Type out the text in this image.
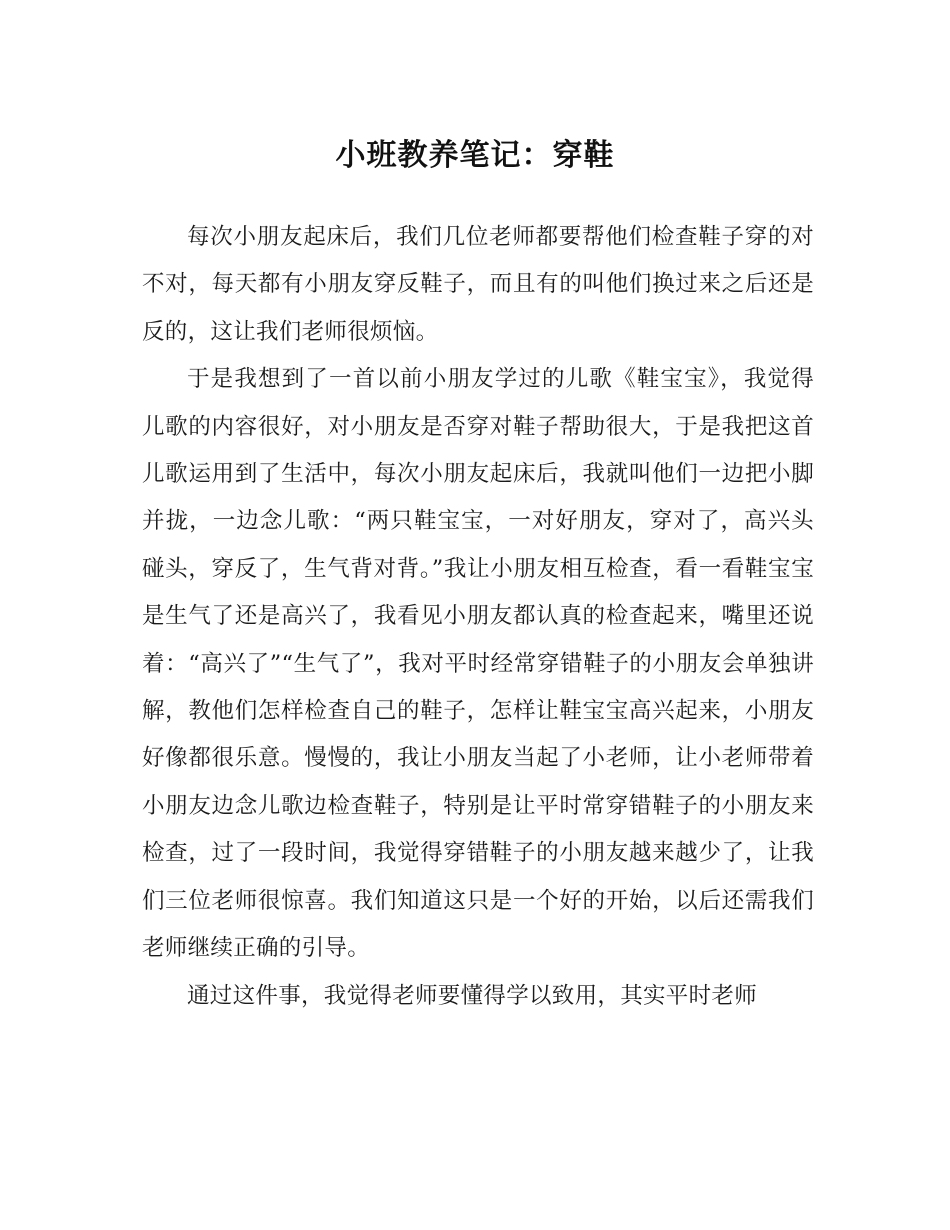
小班教养笔记：穿鞋

每次小朋友起床后，我们几位老师都要帮他们检查鞋子穿的对不对，每天都有小朋友穿反鞋子，而且有的叫他们换过来之后还是反的，这让我们老师很烦恼。

于是我想到了一首以前小朋友学过的儿歌《鞋宝宝》，我觉得儿歌的内容很好，对小朋友是否穿对鞋子帮助很大，于是我把这首儿歌运用到了生活中，每次小朋友起床后，我就叫他们一边把小脚并拢，一边念儿歌：“两只鞋宝宝，一对好朋友，穿对了，高兴头碰头，穿反了，生气背对背。”我让小朋友相互检查，看一看鞋宝宝是生气了还是高兴了，我看见小朋友都认真的检查起来，嘴里还说着：“高兴了”“生气了”，我对平时经常穿错鞋子的小朋友会单独讲解，教他们怎样检查自己的鞋子，怎样让鞋宝宝高兴起来，小朋友好像都很乐意。慢慢的，我让小朋友当起了小老师，让小老师带着小朋友边念儿歌边检查鞋子，特别是让平时常穿错鞋子的小朋友来检查，过了一段时间，我觉得穿错鞋子的小朋友越来越少了，让我们三位老师很惊喜。我们知道这只是一个好的开始，以后还需我们老师继续正确的引导。

通过这件事，我觉得老师要懂得学以致用，其实平时老师
